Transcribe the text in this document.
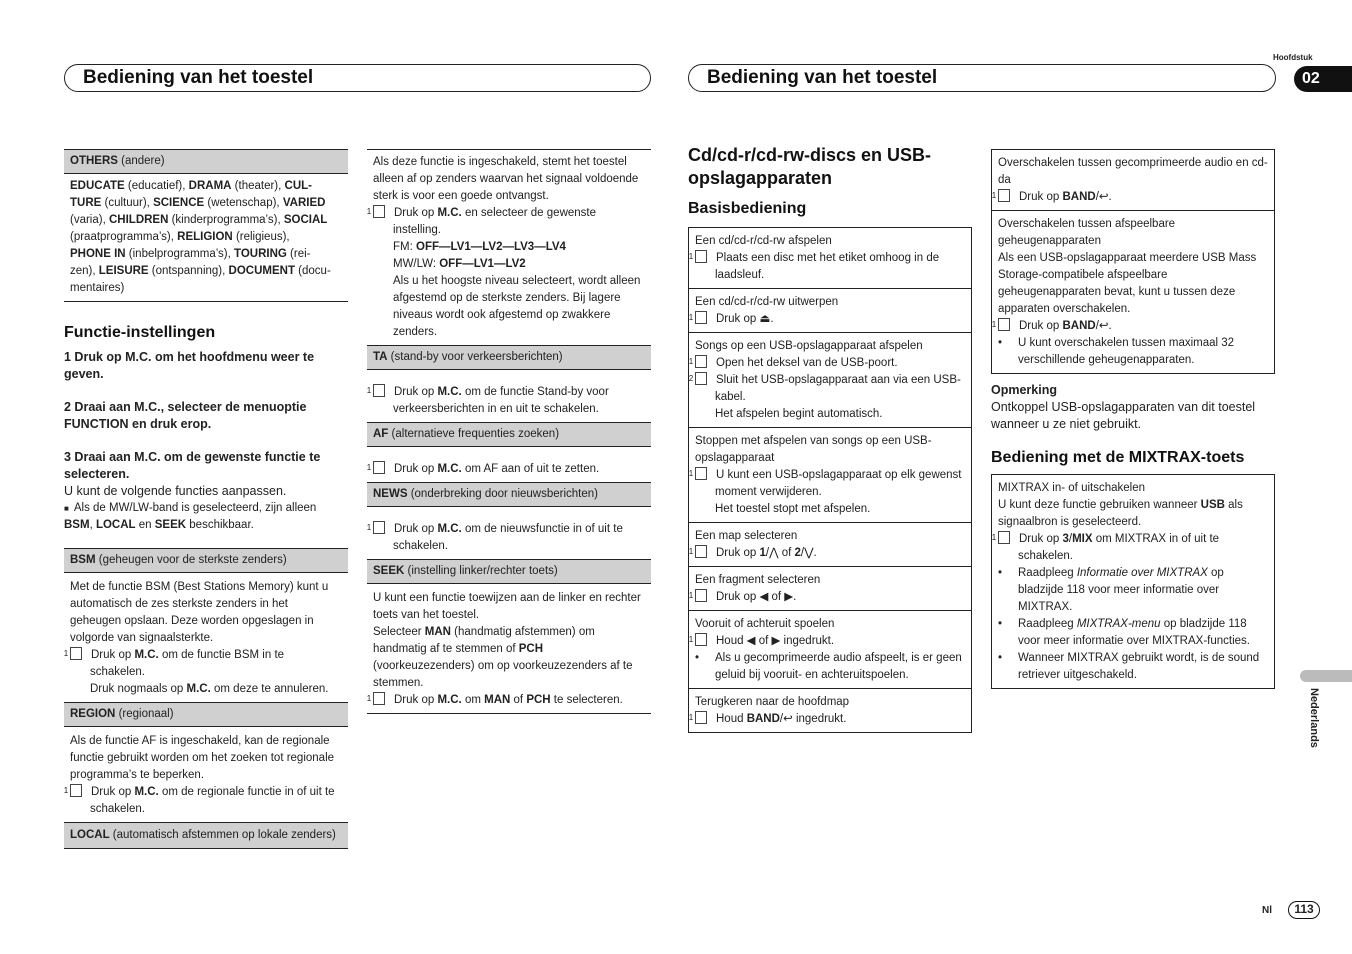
Bediening van het toestel	Bediening van het toestel
Hoofdstuk
02
Nederlands
Nl	113
OTHERS (andere)
EDUCATE (educatief), DRAMA (theater), CUL-
TURE (cultuur), SCIENCE (wetenschap), VARIED
(varia), CHILDREN (kinderprogramma’s), SOCIAL
(praatprogramma’s), RELIGION (religieus),
PHONE IN (inbelprogramma’s), TOURING (rei-
zen), LEISURE (ontspanning), DOCUMENT (docu-
mentaires)
Functie-instellingen
1 Druk op M.C. om het hoofdmenu weer te geven.
2 Draai aan M.C., selecteer de menuoptie FUNCTION en druk erop.
3 Draai aan M.C. om de gewenste functie te selecteren.
U kunt de volgende functies aanpassen.
■ Als de MW/LW-band is geselecteerd, zijn alleen
BSM, LOCAL en SEEK beschikbaar.
BSM (geheugen voor de sterkste zenders)
Met de functie BSM (Best Stations Memory) kunt u automatisch de zes sterkste zenders in het geheugen opslaan. Deze worden opgeslagen in volgorde van signaalsterkte.
1 Druk op M.C. om de functie BSM in te schakelen.
Druk nogmaals op M.C. om deze te annuleren.
REGION (regionaal)
Als de functie AF is ingeschakeld, kan de regionale functie gebruikt worden om het zoeken tot regionale programma’s te beperken.
1 Druk op M.C. om de regionale functie in of uit te schakelen.
LOCAL (automatisch afstemmen op lokale zenders)
Als deze functie is ingeschakeld, stemt het toestel alleen af op zenders waarvan het signaal voldoende sterk is voor een goede ontvangst.
1 Druk op M.C. en selecteer de gewenste instelling.
FM: OFF—LV1—LV2—LV3—LV4
MW/LW: OFF—LV1—LV2
Als u het hoogste niveau selecteert, wordt alleen afgestemd op de sterkste zenders. Bij lagere niveaus wordt ook afgestemd op zwakkere zenders.
TA (stand-by voor verkeersberichten)
1 Druk op M.C. om de functie Stand-by voor verkeersberichten in en uit te schakelen.
AF (alternatieve frequenties zoeken)
1 Druk op M.C. om AF aan of uit te zetten.
NEWS (onderbreking door nieuwsberichten)
1 Druk op M.C. om de nieuwsfunctie in of uit te schakelen.
SEEK (instelling linker/rechter toets)
U kunt een functie toewijzen aan de linker en rechter toets van het toestel.
Selecteer MAN (handmatig afstemmen) om handmatig af te stemmen of PCH (voorkeuzezenders) om op voorkeuzezenders af te stemmen.
1 Druk op M.C. om MAN of PCH te selecteren.
Cd/cd-r/cd-rw-discs en USB-opslagapparaten
Basisbediening
Een cd/cd-r/cd-rw afspelen
1 Plaats een disc met het etiket omhoog in de laadsleuf.
Een cd/cd-r/cd-rw uitwerpen
1 Druk op ⏏.
Songs op een USB-opslagapparaat afspelen
1 Open het deksel van de USB-poort.
2 Sluit het USB-opslagapparaat aan via een USB-kabel.
Het afspelen begint automatisch.
Stoppen met afspelen van songs op een USB-opslagapparaat
1 U kunt een USB-opslagapparaat op elk gewenst moment verwijderen.
Het toestel stopt met afspelen.
Een map selecteren
1 Druk op 1/⋀ of 2/⋁.
Een fragment selecteren
1 Druk op ◀ of ▶.
Vooruit of achteruit spoelen
1 Houd ◀ of ▶ ingedrukt.
• Als u gecomprimeerde audio afspeelt, is er geen geluid bij vooruit- en achteruitspoelen.
Terugkeren naar de hoofdmap
1 Houd BAND/↩ ingedrukt.
Overschakelen tussen gecomprimeerde audio en cd-da
1 Druk op BAND/↩.
Overschakelen tussen afspeelbare geheugenapparaten
Als een USB-opslagapparaat meerdere USB Mass Storage-compatibele afspeelbare geheugenapparaten bevat, kunt u tussen deze apparaten overschakelen.
1 Druk op BAND/↩.
• U kunt overschakelen tussen maximaal 32 verschillende geheugenapparaten.
Opmerking
Ontkoppel USB-opslagapparaten van dit toestel wanneer u ze niet gebruikt.
Bediening met de MIXTRAX-toets
MIXTRAX in- of uitschakelen
U kunt deze functie gebruiken wanneer USB als signaalbron is geselecteerd.
1 Druk op 3/MIX om MIXTRAX in of uit te schakelen.
• Raadpleeg Informatie over MIXTRAX op bladzijde 118 voor meer informatie over MIXTRAX.
• Raadpleeg MIXTRAX-menu op bladzijde 118 voor meer informatie over MIXTRAX-functies.
• Wanneer MIXTRAX gebruikt wordt, is de sound retriever uitgeschakeld.
